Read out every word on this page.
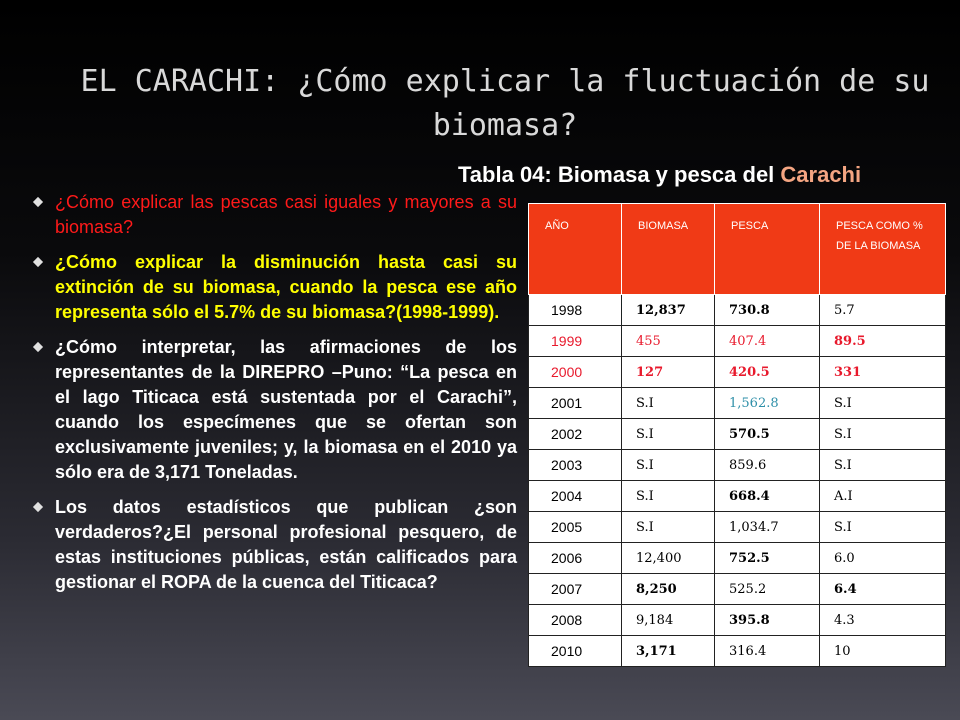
EL CARACHI: ¿Cómo explicar la fluctuación de su biomasa?
Tabla 04: Biomasa y pesca del Carachi
¿Cómo explicar las pescas casi iguales y mayores a su biomasa?
¿Cómo explicar la disminución hasta casi su extinción de su biomasa, cuando la pesca ese año representa sólo el 5.7% de su biomasa?(1998-1999).
¿Cómo interpretar, las afirmaciones de los representantes de la DIREPRO –Puno: “La pesca en el lago Titicaca está sustentada por el Carachi”, cuando los especímenes que se ofertan son exclusivamente juveniles; y, la biomasa en el 2010 ya sólo era de 3,171 Toneladas.
Los datos estadísticos que publican ¿son verdaderos?¿El personal profesional pesquero, de estas instituciones públicas, están calificados para gestionar el ROPA de la cuenca del Titicaca?
AÑO	BIOMASA	PESCA	PESCA COMO % DE LA BIOMASA
1998	12,837	730.8	5.7
1999	455	407.4	89.5
2000	127	420.5	331
2001	S.I	1,562.8	S.I
2002	S.I	570.5	S.I
2003	S.I	859.6	S.I
2004	S.I	668.4	A.I
2005	S.I	1,034.7	S.I
2006	12,400	752.5	6.0
2007	8,250	525.2	6.4
2008	9,184	395.8	4.3
2010	3,171	316.4	10
